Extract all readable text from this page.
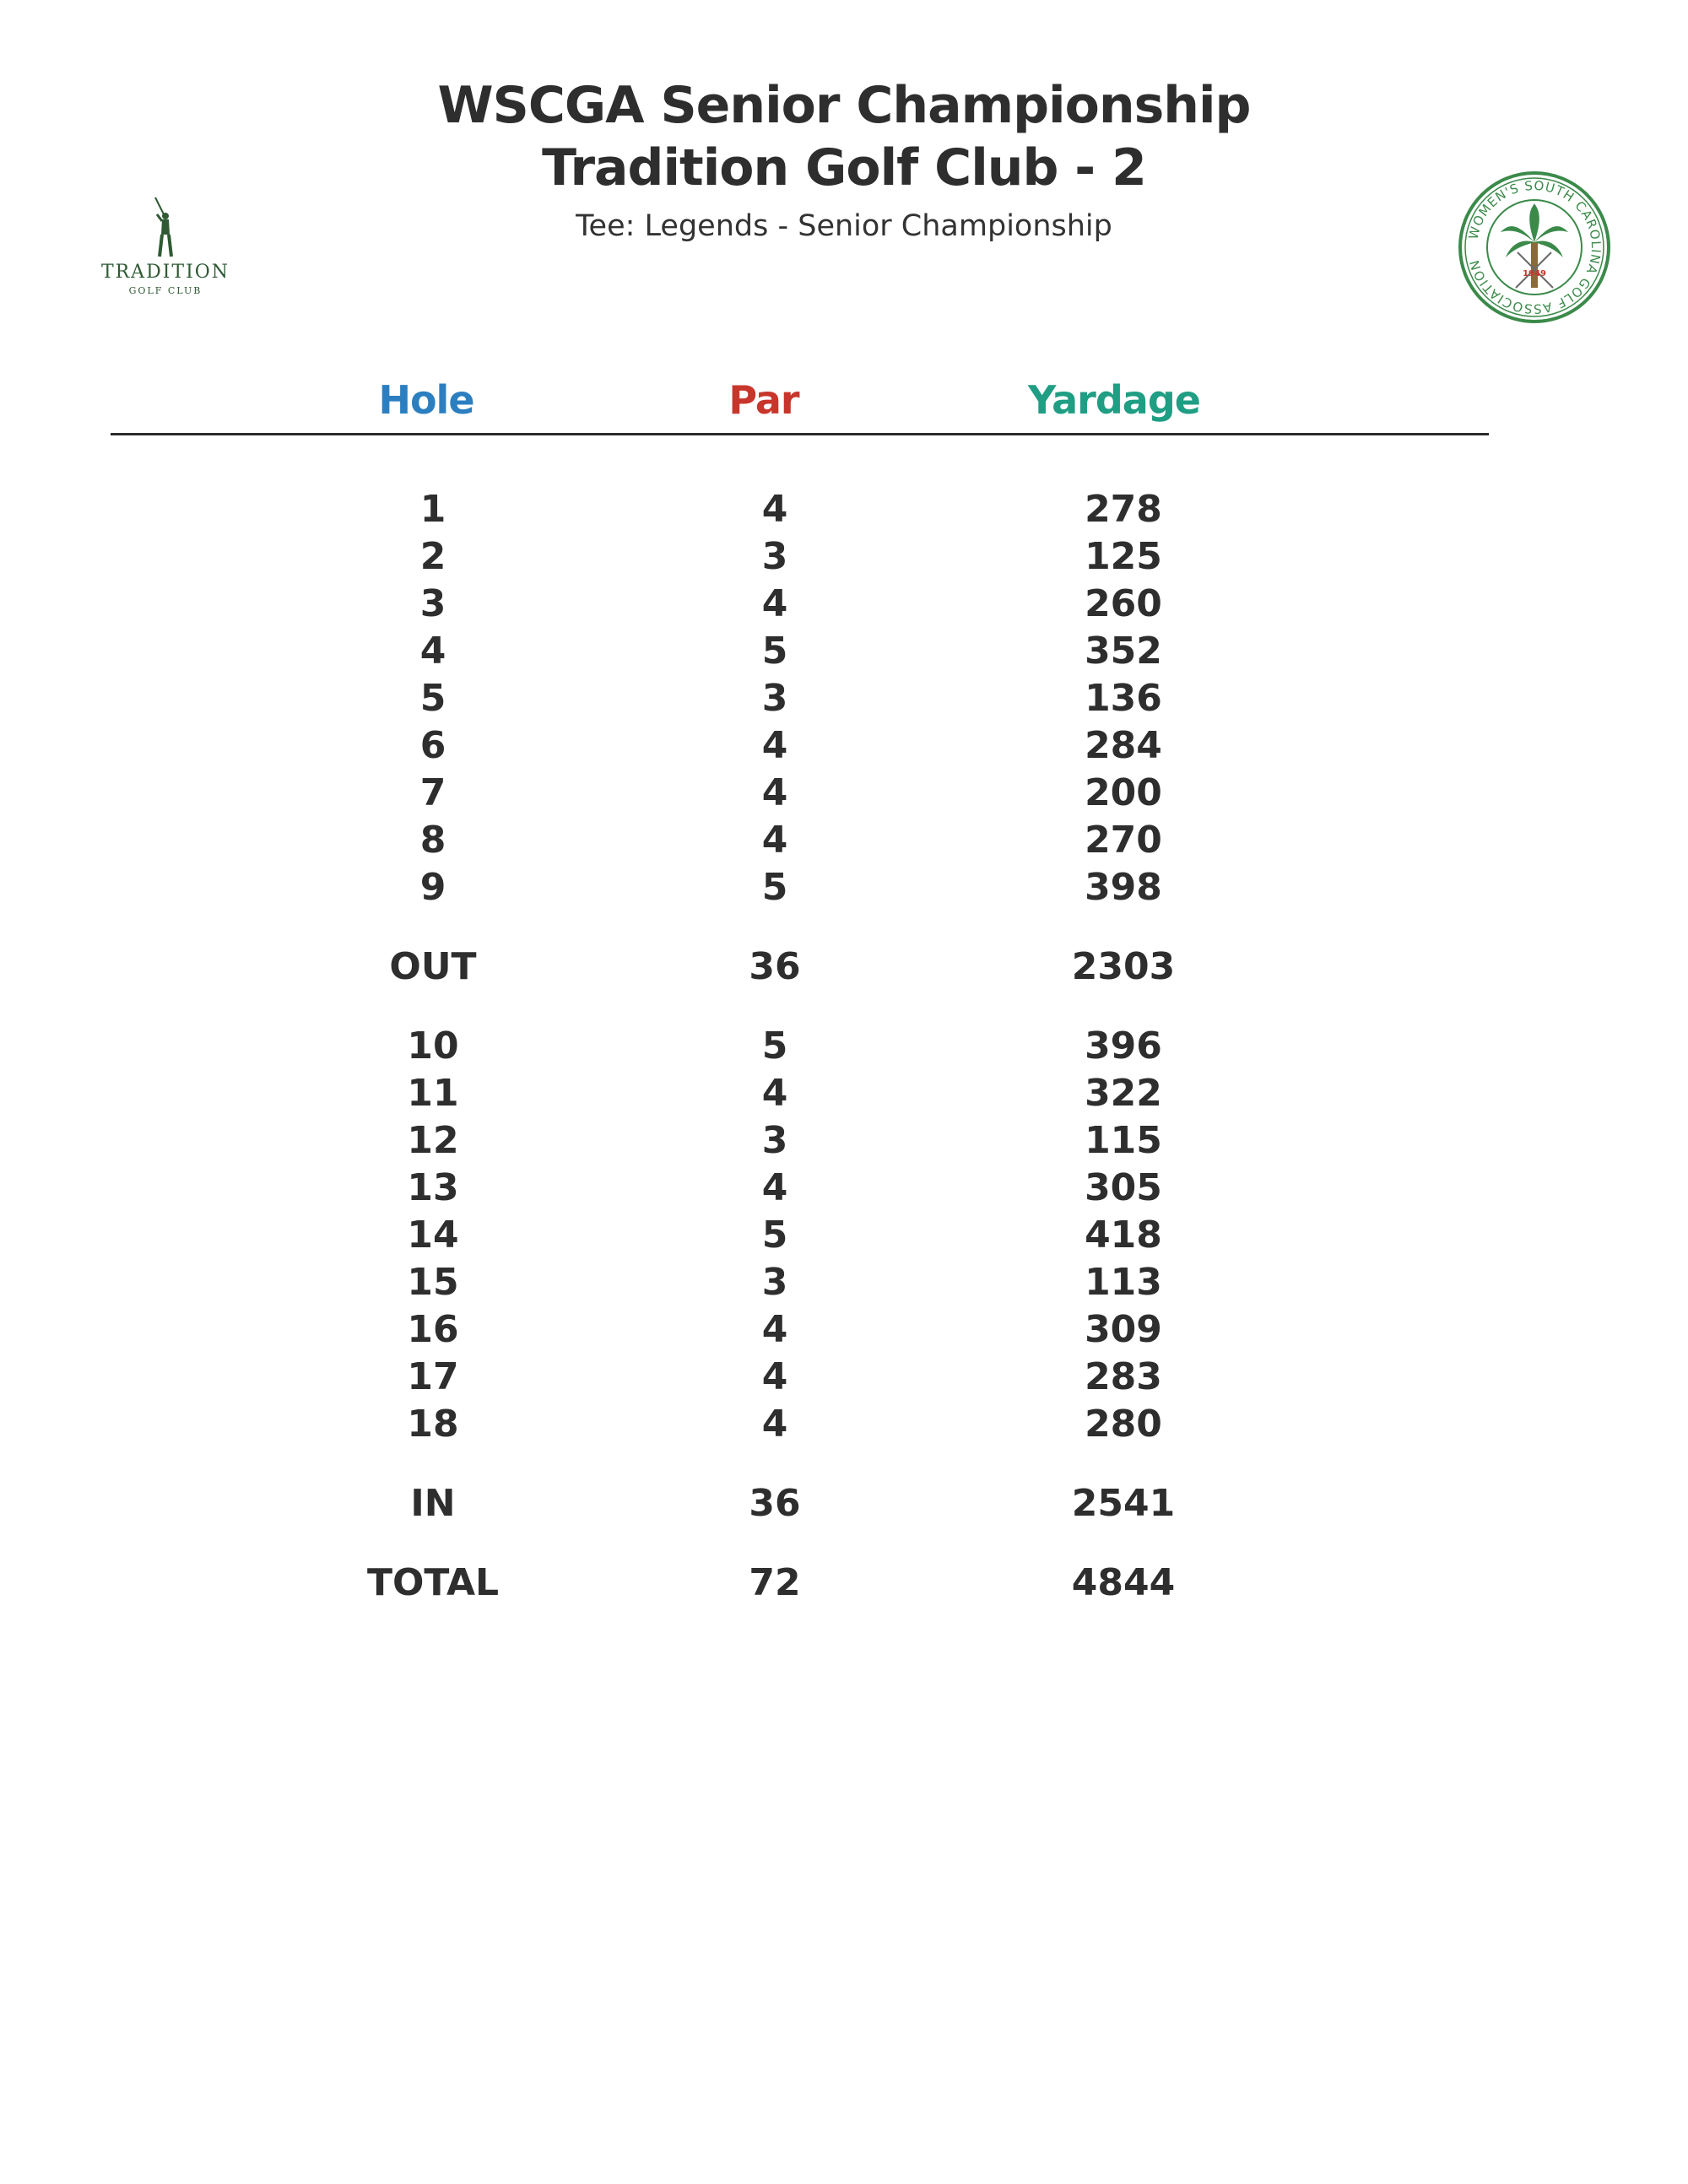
WSCGA Senior Championship
Tradition Golf Club - 2
Tee: Legends - Senior Championship
TRADITION
GOLF CLUB
WOMEN'S SOUTH CAROLINA GOLF ASSOCIATION
1949
Hole	Par	Yardage
1	4	278
2	3	125
3	4	260
4	5	352
5	3	136
6	4	284
7	4	200
8	4	270
9	5	398
OUT	36	2303
10	5	396
11	4	322
12	3	115
13	4	305
14	5	418
15	3	113
16	4	309
17	4	283
18	4	280
IN	36	2541
TOTAL	72	4844
